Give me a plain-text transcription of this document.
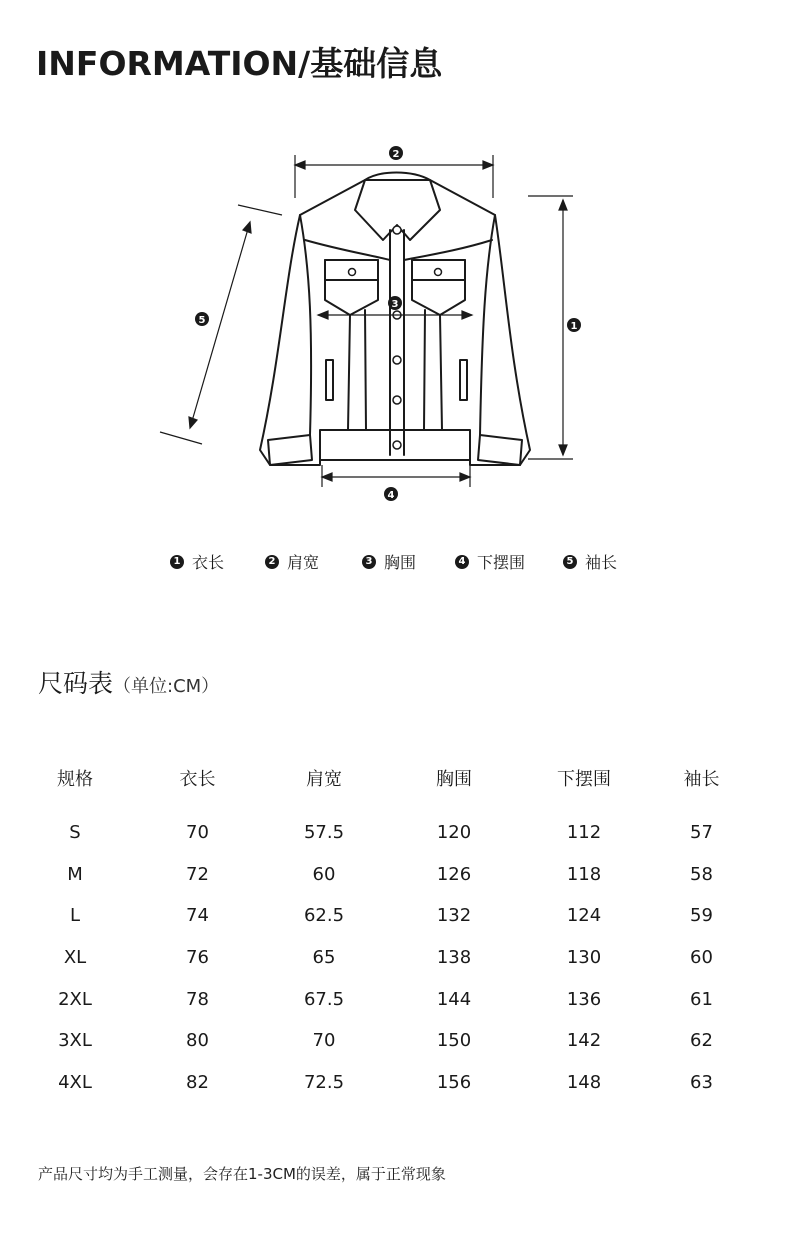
INFORMATION/基础信息
2
1
3
4
5
1 衣长	2 肩宽	3 胸围	4 下摆围	5 袖长
尺码表（单位:CM）
规格	衣长	肩宽	胸围	下摆围	袖长
S	70	57.5	120	112	57
M	72	60	126	118	58
L	74	62.5	132	124	59
XL	76	65	138	130	60
2XL	78	67.5	144	136	61
3XL	80	70	150	142	62
4XL	82	72.5	156	148	63
产品尺寸均为手工测量，会存在1-3CM的误差，属于正常现象
